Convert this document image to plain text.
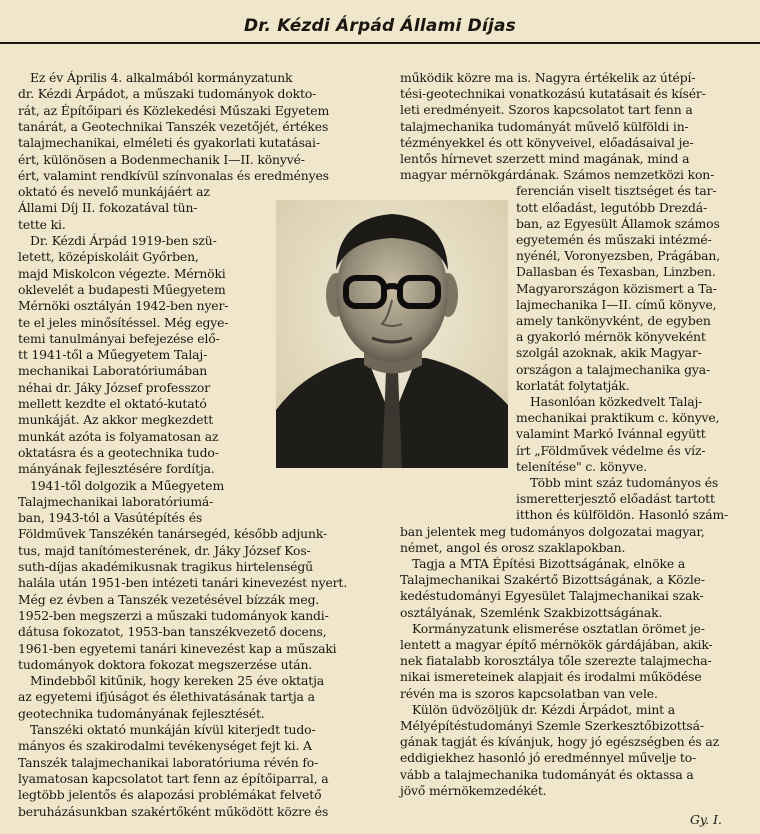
Dr. Kézdi Árpád Állami Díjas
Ez év Április 4. alkalmából kormányzatunk
dr. Kézdi Árpádot, a műszaki tudományok dokto-
rát, az Építőipari és Közlekedési Műszaki Egyetem
tanárát, a Geotechnikai Tanszék vezetőjét, értékes
talajmechanikai, elméleti és gyakorlati kutatásai-
ért, különösen a Bodenmechanik I—II. könyvé-
ért, valamint rendkívül színvonalas és eredményes
oktató és nevelő munkájáért az
Állami Díj II. fokozatával tün-
tette ki.
Dr. Kézdi Árpád 1919-ben szü-
letett, középiskoláit Győrben,
majd Miskolcon végezte. Mérnöki
oklevelét a budapesti Műegyetem
Mérnöki osztályán 1942-ben nyer-
te el jeles minősítéssel. Még egye-
temi tanulmányai befejezése elő-
tt 1941-től a Műegyetem Talaj-
mechanikai Laboratóriumában
néhai dr. Jáky József professzor
mellett kezdte el oktató-kutató
munkáját. Az akkor megkezdett
munkát azóta is folyamatosan az
oktatásra és a geotechnika tudo-
mányának fejlesztésére fordítja.
1941-től dolgozik a Műegyetem
Talajmechanikai laboratóriumá-
ban, 1943-tól a Vasútépítés és
Földművek Tanszékén tanársegéd, később adjunk-
tus, majd tanítómesterének, dr. Jáky József Kos-
suth-díjas akadémikusnak tragikus hirtelenségű
halála után 1951-ben intézeti tanári kinevezést nyert.
Még ez évben a Tanszék vezetésével bízzák meg.
1952-ben megszerzi a műszaki tudományok kandi-
dátusa fokozatot, 1953-ban tanszékvezető docens,
1961-ben egyetemi tanári kinevezést kap a műszaki
tudományok doktora fokozat megszerzése után.
Mindebből kitűnik, hogy kereken 25 éve oktatja
az egyetemi ifjúságot és élethivatásának tartja a
geotechnika tudományának fejlesztését.
Tanszéki oktató munkáján kívül kiterjedt tudo-
mányos és szakirodalmi tevékenységet fejt ki. A
Tanszék talajmechanikai laboratóriuma révén fo-
lyamatosan kapcsolatot tart fenn az építőiparral, a
legtöbb jelentős és alapozási problémákat felvető
beruházásunkban szakértőként működött közre és
működik közre ma is. Nagyra értékelik az útépí-
tési-geotechnikai vonatkozású kutatásait és kísér-
leti eredményeit. Szoros kapcsolatot tart fenn a
talajmechanika tudományát művelő külföldi in-
tézményekkel és ott könyveivel, előadásaival je-
lentős hírnevet szerzett mind magának, mind a
magyar mérnökgárdának. Számos nemzetközi kon-
ferencián viselt tisztséget és tar-
tott előadást, legutóbb Drezdá-
ban, az Egyesült Államok számos
egyetemén és műszaki intézmé-
nyénél, Voronyezsben, Prágában,
Dallasban és Texasban, Linzben.
Magyarországon közismert a Ta-
lajmechanika I—II. című könyve,
amely tankönyvként, de egyben
a gyakorló mérnök könyveként
szolgál azoknak, akik Magyar-
országon a talajmechanika gya-
korlatát folytatják.
Hasonlóan közkedvelt Talaj-
mechanikai praktikum c. könyve,
valamint Markó Ivánnal együtt
írt „Földművek védelme és víz-
telenítése" c. könyve.
Több mint száz tudományos és
ismeretterjesztő előadást tartott
itthon és külföldön. Hasonló szám-
ban jelentek meg tudományos dolgozatai magyar,
német, angol és orosz szaklapokban.
Tagja a MTA Építési Bizottságának, elnöke a
Talajmechanikai Szakértő Bizottságának, a Közle-
kedéstudományi Egyesület Talajmechanikai szak-
osztályának, Szemlénk Szakbizottságának.
Kormányzatunk elismerése osztatlan örömet je-
lentett a magyar építő mérnökök gárdájában, akik-
nek fiatalabb korosztálya tőle szerezte talajmecha-
nikai ismereteinek alapjait és irodalmi működése
révén ma is szoros kapcsolatban van vele.
Külön üdvözöljük dr. Kézdi Árpádot, mint a
Mélyépítéstudományi Szemle Szerkesztőbizottsá-
gának tagját és kívánjuk, hogy jó egészségben és az
eddigiekhez hasonló jó eredménnyel művelje to-
vább a talajmechanika tudományát és oktassa a
jövő mérnökemzedékét.
Gy. I.
